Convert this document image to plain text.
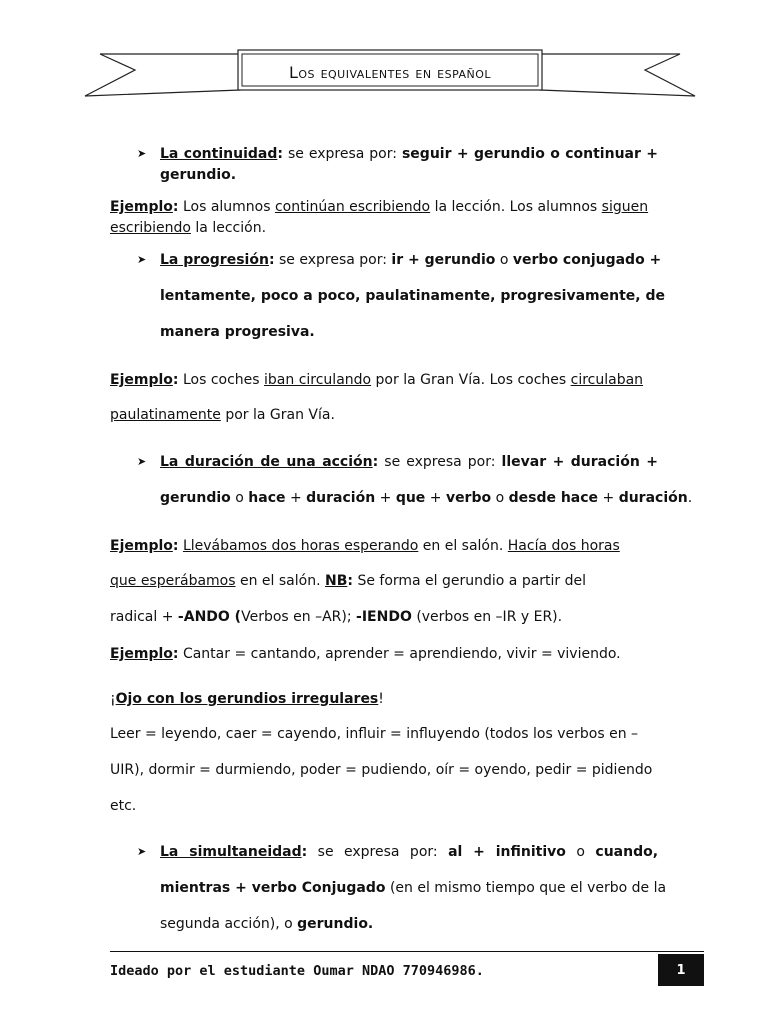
Los equivalentes en español
➤ La continuidad: se expresa por: seguir + gerundio o continuar +
gerundio.
Ejemplo: Los alumnos continúan escribiendo la lección. Los alumnos siguen
escribiendo la lección.
➤ La progresión: se expresa por: ir + gerundio o verbo conjugado +
lentamente, poco a poco, paulatinamente, progresivamente, de
manera progresiva.
Ejemplo: Los coches iban circulando por la Gran Vía. Los coches circulaban
paulatinamente por la Gran Vía.
➤ La duración de una acción: se expresa por: llevar + duración +
gerundio o hace + duración + que + verbo o desde hace + duración.
Ejemplo: Llevábamos dos horas esperando en el salón. Hacía dos horas
que esperábamos en el salón. NB: Se forma el gerundio a partir del
radical + -ANDO (Verbos en –AR); -IENDO (verbos en –IR y ER).
Ejemplo: Cantar = cantando, aprender = aprendiendo, vivir = viviendo.
¡Ojo con los gerundios irregulares!
Leer = leyendo, caer = cayendo, influir = influyendo (todos los verbos en –
UIR), dormir = durmiendo, poder = pudiendo, oír = oyendo, pedir = pidiendo
etc.
➤ La simultaneidad: se expresa por: al + infinitivo o cuando,
mientras + verbo Conjugado (en el mismo tiempo que el verbo de la
segunda acción), o gerundio.
Ideado por el estudiante Oumar NDAO 770946986.	1
